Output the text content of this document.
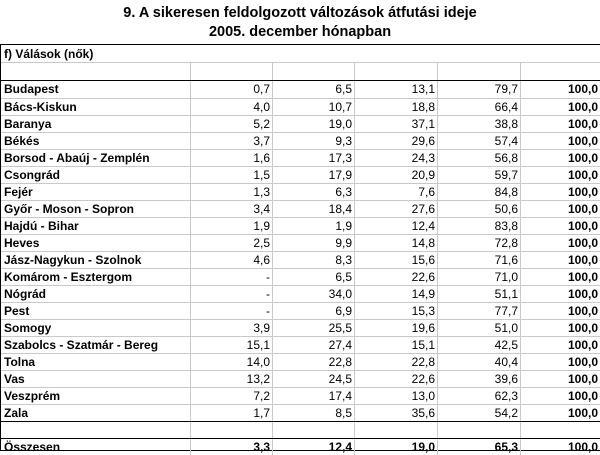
9. A sikeresen feldolgozott változások átfutási ideje
2005. december hónapban
f) Válások (nők)
Budapest	0,7	6,5	13,1	79,7	100,0
Bács-Kiskun	4,0	10,7	18,8	66,4	100,0
Baranya	5,2	19,0	37,1	38,8	100,0
Békés	3,7	9,3	29,6	57,4	100,0
Borsod - Abaúj - Zemplén	1,6	17,3	24,3	56,8	100,0
Csongrád	1,5	17,9	20,9	59,7	100,0
Fejér	1,3	6,3	7,6	84,8	100,0
Győr - Moson - Sopron	3,4	18,4	27,6	50,6	100,0
Hajdú - Bihar	1,9	1,9	12,4	83,8	100,0
Heves	2,5	9,9	14,8	72,8	100,0
Jász-Nagykun - Szolnok	4,6	8,3	15,6	71,6	100,0
Komárom - Esztergom	-	6,5	22,6	71,0	100,0
Nógrád	-	34,0	14,9	51,1	100,0
Pest	-	6,9	15,3	77,7	100,0
Somogy	3,9	25,5	19,6	51,0	100,0
Szabolcs - Szatmár - Bereg	15,1	27,4	15,1	42,5	100,0
Tolna	14,0	22,8	22,8	40,4	100,0
Vas	13,2	24,5	22,6	39,6	100,0
Veszprém	7,2	17,4	13,0	62,3	100,0
Zala	1,7	8,5	35,6	54,2	100,0
Összesen	3,3	12,4	19,0	65,3	100,0
